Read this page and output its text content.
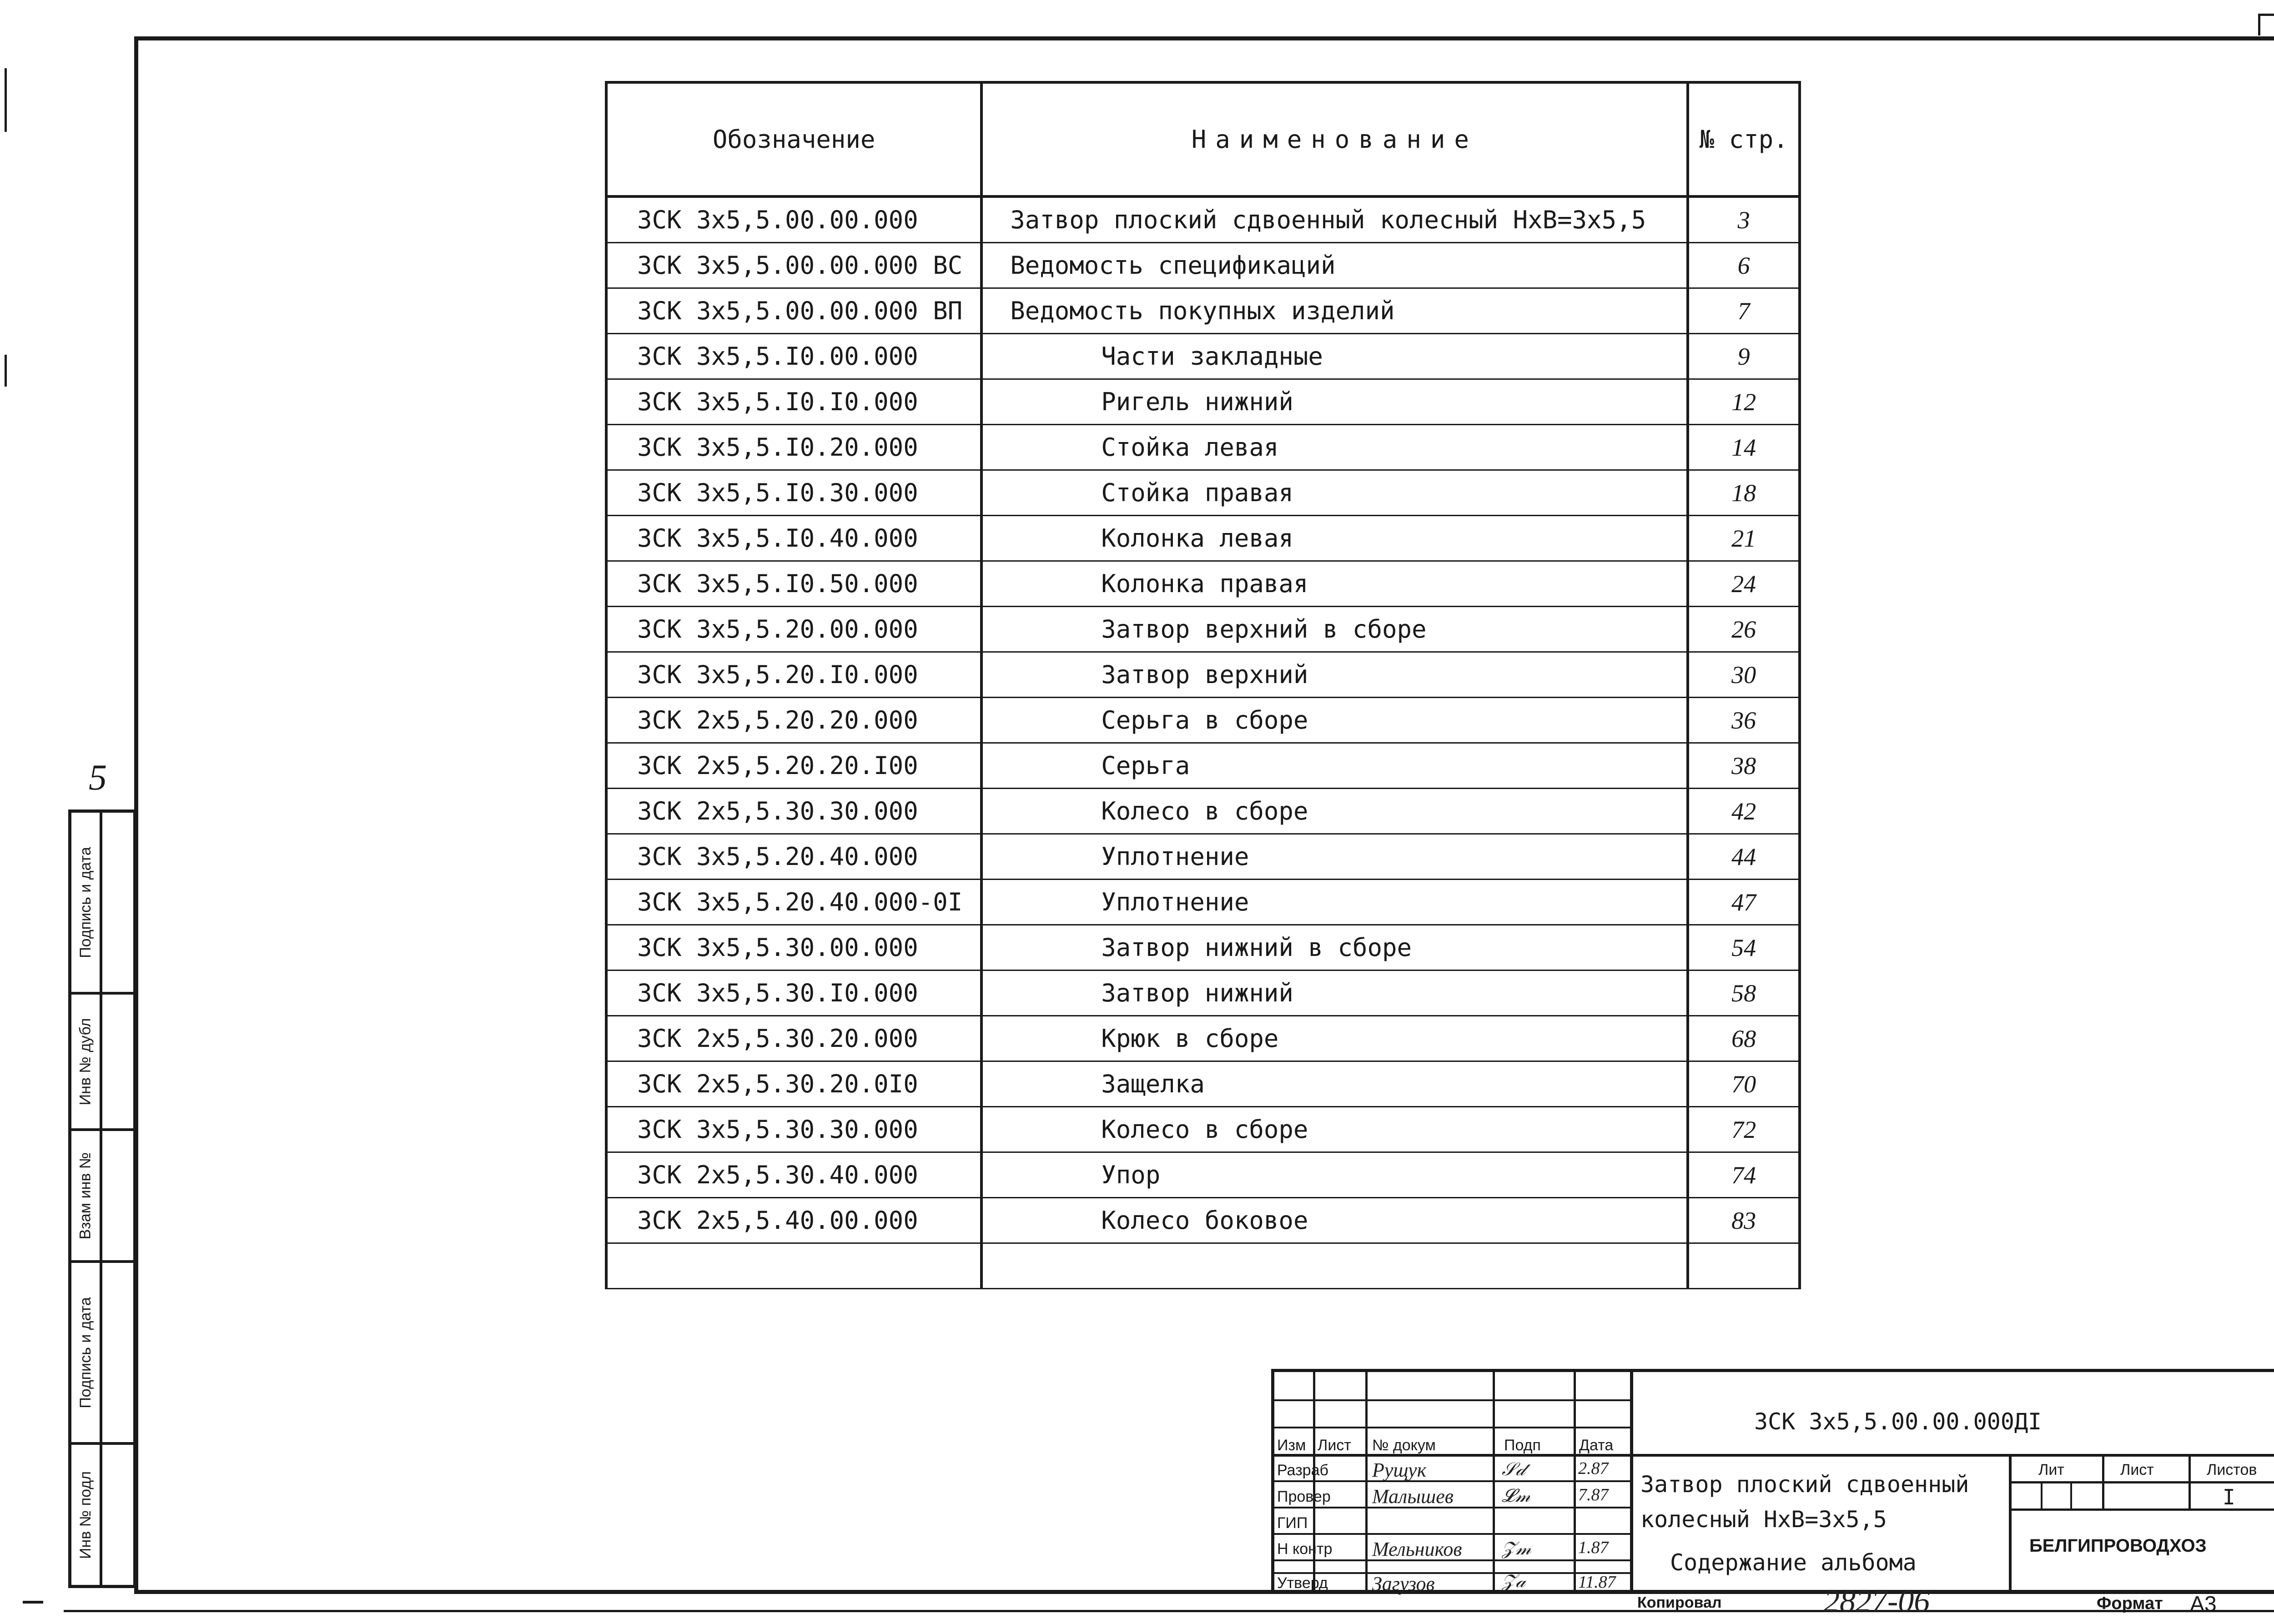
5
Подпись и дата
Инв № дубл
Взам инв №
Подпись и дата
Инв № подл
Обозначение	Наименование	№ стр.
ЗСК 3х5,5.00.00.000	Затвор плоский сдвоенный колесный НхВ=3х5,5	3
ЗСК 3х5,5.00.00.000 ВС	Ведомость спецификаций	6
ЗСК 3х5,5.00.00.000 ВП	Ведомость покупных изделий	7
ЗСК 3х5,5.I0.00.000	Части закладные	9
ЗСК 3х5,5.I0.I0.000	Ригель нижний	12
ЗСК 3х5,5.I0.20.000	Стойка левая	14
ЗСК 3х5,5.I0.30.000	Стойка правая	18
ЗСК 3х5,5.I0.40.000	Колонка левая	21
ЗСК 3х5,5.I0.50.000	Колонка правая	24
ЗСК 3х5,5.20.00.000	Затвор верхний в сборе	26
ЗСК 3х5,5.20.I0.000	Затвор верхний	30
ЗСК 2х5,5.20.20.000	Серьга в сборе	36
ЗСК 2х5,5.20.20.I00	Серьга	38
ЗСК 2х5,5.30.30.000	Колесо в сборе	42
ЗСК 3х5,5.20.40.000	Уплотнение	44
ЗСК 3х5,5.20.40.000-0I	Уплотнение	47
ЗСК 3х5,5.30.00.000	Затвор нижний в сборе	54
ЗСК 3х5,5.30.I0.000	Затвор нижний	58
ЗСК 2х5,5.30.20.000	Крюк в сборе	68
ЗСК 2х5,5.30.20.0I0	Защелка	70
ЗСК 3х5,5.30.30.000	Колесо в сборе	72
ЗСК 2х5,5.30.40.000	Упор	74
ЗСК 2х5,5.40.00.000	Колесо боковое	83

Изм Лист № докум	Подп Дата
Разраб Рущук	𝒮𝒹	2.87
Провер Малышев	𝓛𝓂	7.87
ГИП
Н контр Мельников 𝒵𝓂	1.87
Утверд Загузов	𝒵𝒶	11.87
ЗСК 3х5,5.00.00.000ДI
Затвор плоский сдвоенный
колесный НхВ=3х5,5
Содержание альбома
Лит	Лист	Листов
I
БЕЛГИПРОВОДХОЗ
Копировал	2827-06	Формат А3
